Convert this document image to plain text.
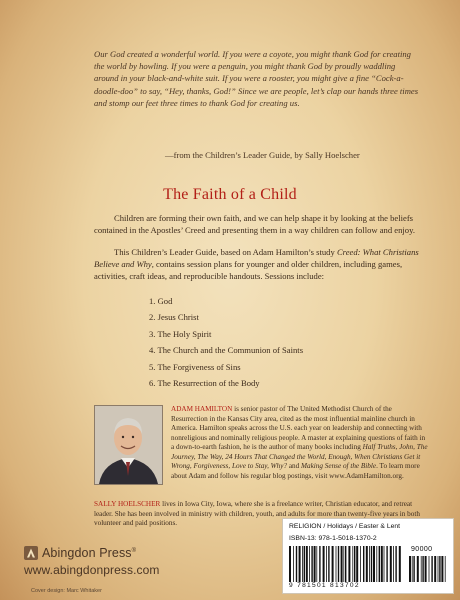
Our God created a wonderful world. If you were a coyote, you might thank God for creating the world by howling. If you were a penguin, you might thank God by proudly waddling around in your black-and-white suit. If you were a rooster, you might give a fine “Cock-a-doodle-doo” to say, “Hey, thanks, God!” Since we are people, let’s clap our hands three times and stomp our feet three times to thank God for creating us.
—from the Children’s Leader Guide, by Sally Hoelscher
The Faith of a Child
Children are forming their own faith, and we can help shape it by looking at the beliefs contained in the Apostles’ Creed and presenting them in a way children can follow and enjoy.
This Children’s Leader Guide, based on Adam Hamilton’s study Creed: What Christians Believe and Why, contains session plans for younger and older children, including games, activities, craft ideas, and reproducible handouts. Sessions include:
1. God
2. Jesus Christ
3. The Holy Spirit
4. The Church and the Communion of Saints
5. The Forgiveness of Sins
6. The Resurrection of the Body
ADAM HAMILTON is senior pastor of The United Methodist Church of the Resurrection in the Kansas City area, cited as the most influential mainline church in America. Hamilton speaks across the U.S. each year on leadership and connecting with nonreligious and nominally religious people. A master at explaining questions of faith in a down-to-earth fashion, he is the author of many books including Half Truths, John, The Journey, The Way, 24 Hours That Changed the World, Enough, When Christians Get it Wrong, Forgiveness, Love to Stay, Why? and Making Sense of the Bible. To learn more about Adam and follow his regular blog postings, visit www.AdamHamilton.org.
SALLY HOELSCHER lives in Iowa City, Iowa, where she is a freelance writer, Christian educator, and retreat leader. She has been involved in ministry with children, youth, and adults for more than twenty-five years in both volunteer and paid positions.
Abingdon Press®
www.abingdonpress.com
Cover design: Marc Whitaker
RELIGION / Holidays / Easter & Lent
ISBN-13: 978-1-5018-1370-2
90000
9 781501 813702
